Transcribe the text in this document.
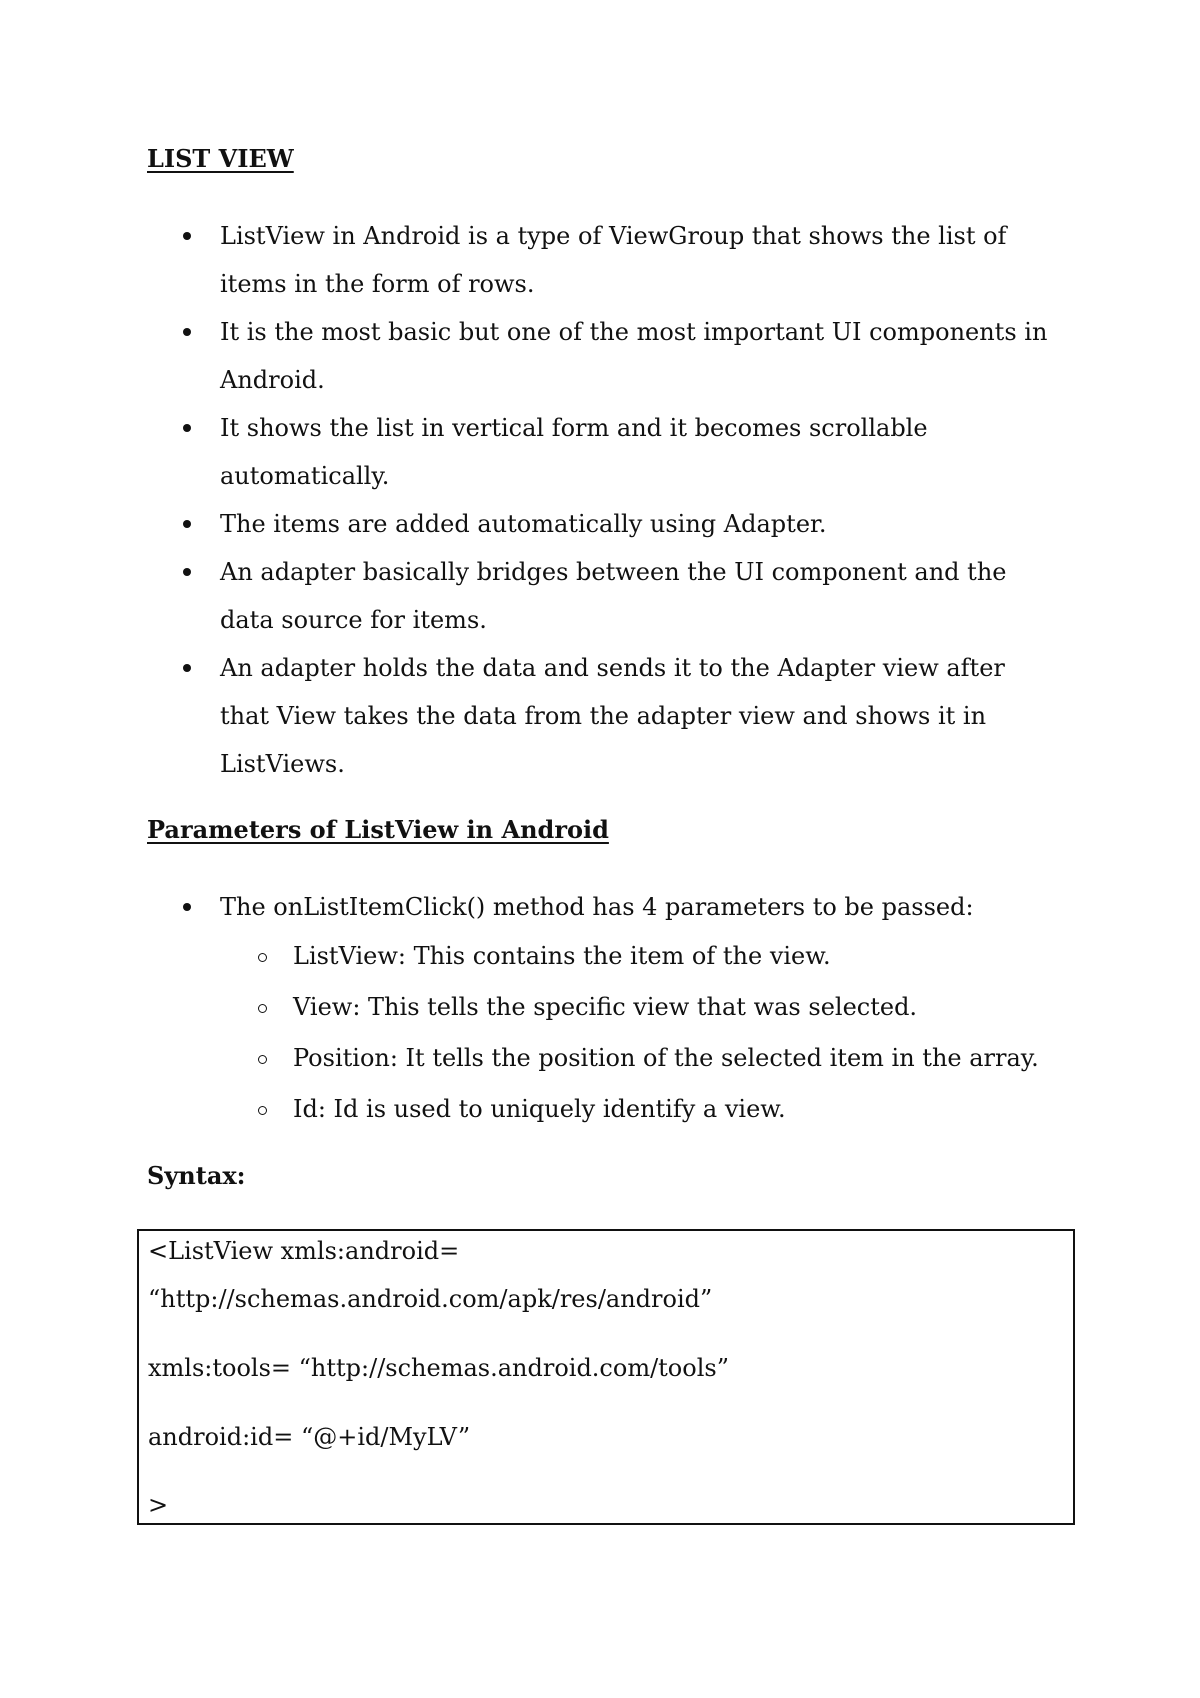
LIST VIEW
ListView in Android is a type of ViewGroup that shows the list of items in the form of rows.
It is the most basic but one of the most important UI components in Android.
It shows the list in vertical form and it becomes scrollable automatically.
The items are added automatically using Adapter.
An adapter basically bridges between the UI component and the data source for items.
An adapter holds the data and sends it to the Adapter view after that View takes the data from the adapter view and shows it in ListViews.
Parameters of ListView in Android
The onListItemClick() method has 4 parameters to be passed:
ListView: This contains the item of the view.
View: This tells the specific view that was selected.
Position: It tells the position of the selected item in the array.
Id: Id is used to uniquely identify a view.
Syntax:
<ListView xmls:android=
“http://schemas.android.com/apk/res/android”
xmls:tools= “http://schemas.android.com/tools”
android:id= “@+id/MyLV”
>
